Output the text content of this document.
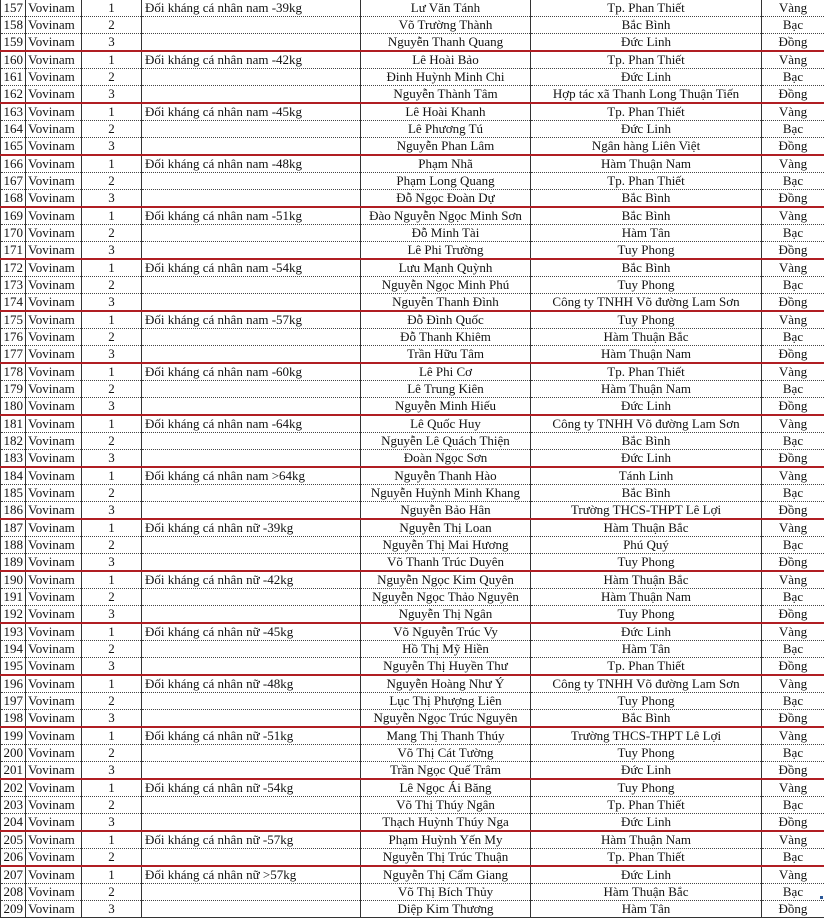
157	Vovinam	1	Đối kháng cá nhân nam -39kg	Lư Văn Tánh	Tp. Phan Thiết	Vàng
158	Vovinam	2		Võ Trường Thành	Bắc Bình	Bạc
159	Vovinam	3		Nguyễn Thanh Quang	Đức Linh	Đồng
160	Vovinam	1	Đối kháng cá nhân nam -42kg	Lê Hoài Bảo	Tp. Phan Thiết	Vàng
161	Vovinam	2		Đinh Huỳnh Minh Chi	Đức Linh	Bạc
162	Vovinam	3		Nguyễn Thành Tâm	Hợp tác xã Thanh Long Thuận Tiến	Đồng
163	Vovinam	1	Đối kháng cá nhân nam -45kg	Lê Hoài Khanh	Tp. Phan Thiết	Vàng
164	Vovinam	2		Lê Phương Tú	Đức Linh	Bạc
165	Vovinam	3		Nguyễn Phan Lâm	Ngân hàng Liên Việt	Đồng
166	Vovinam	1	Đối kháng cá nhân nam -48kg	Phạm Nhã	Hàm Thuận Nam	Vàng
167	Vovinam	2		Phạm Long Quang	Tp. Phan Thiết	Bạc
168	Vovinam	3		Đỗ Ngọc Đoàn Dự	Bắc Bình	Đồng
169	Vovinam	1	Đối kháng cá nhân nam -51kg	Đào Nguyễn Ngọc Minh Sơn	Bắc Bình	Vàng
170	Vovinam	2		Đỗ Minh Tài	Hàm Tân	Bạc
171	Vovinam	3		Lê Phi Trường	Tuy Phong	Đồng
172	Vovinam	1	Đối kháng cá nhân nam -54kg	Lưu Mạnh Quỳnh	Bắc Bình	Vàng
173	Vovinam	2		Nguyễn Ngọc Minh Phú	Tuy Phong	Bạc
174	Vovinam	3		Nguyễn Thanh Đình	Công ty TNHH Võ đường Lam Sơn	Đồng
175	Vovinam	1	Đối kháng cá nhân nam -57kg	Đỗ Đình Quốc	Tuy Phong	Vàng
176	Vovinam	2		Đỗ Thanh Khiêm	Hàm Thuận Bắc	Bạc
177	Vovinam	3		Trần Hữu Tâm	Hàm Thuận Nam	Đồng
178	Vovinam	1	Đối kháng cá nhân nam -60kg	Lê Phi Cơ	Tp. Phan Thiết	Vàng
179	Vovinam	2		Lê Trung Kiên	Hàm Thuận Nam	Bạc
180	Vovinam	3		Nguyễn Minh Hiếu	Đức Linh	Đồng
181	Vovinam	1	Đối kháng cá nhân nam -64kg	Lê Quốc Huy	Công ty TNHH Võ đường Lam Sơn	Vàng
182	Vovinam	2		Nguyễn Lê Quách Thiện	Bắc Bình	Bạc
183	Vovinam	3		Đoàn Ngọc Sơn	Đức Linh	Đồng
184	Vovinam	1	Đối kháng cá nhân nam >64kg	Nguyễn Thanh Hào	Tánh Linh	Vàng
185	Vovinam	2		Nguyễn Huỳnh Minh Khang	Bắc Bình	Bạc
186	Vovinam	3		Nguyễn Bảo Hân	Trường THCS-THPT Lê Lợi	Đồng
187	Vovinam	1	Đối kháng cá nhân nữ -39kg	Nguyễn Thị Loan	Hàm Thuận Bắc	Vàng
188	Vovinam	2		Nguyễn Thị Mai Hương	Phú Quý	Bạc
189	Vovinam	3		Võ Thanh Trúc Duyên	Tuy Phong	Đồng
190	Vovinam	1	Đối kháng cá nhân nữ -42kg	Nguyễn Ngọc Kim Quyên	Hàm Thuận Bắc	Vàng
191	Vovinam	2		Nguyễn Ngọc Thảo Nguyên	Hàm Thuận Nam	Bạc
192	Vovinam	3		Nguyễn Thị Ngân	Tuy Phong	Đồng
193	Vovinam	1	Đối kháng cá nhân nữ -45kg	Võ Nguyễn Trúc Vy	Đức Linh	Vàng
194	Vovinam	2		Hồ Thị Mỹ Hiền	Hàm Tân	Bạc
195	Vovinam	3		Nguyễn Thị Huyền Thư	Tp. Phan Thiết	Đồng
196	Vovinam	1	Đối kháng cá nhân nữ -48kg	Nguyễn Hoàng Như Ý	Công ty TNHH Võ đường Lam Sơn	Vàng
197	Vovinam	2		Lục Thị Phượng Liên	Tuy Phong	Bạc
198	Vovinam	3		Nguyễn Ngọc Trúc Nguyên	Bắc Bình	Đồng
199	Vovinam	1	Đối kháng cá nhân nữ -51kg	Mang Thị Thanh Thúy	Trường THCS-THPT Lê Lợi	Vàng
200	Vovinam	2		Võ Thị Cát Tường	Tuy Phong	Bạc
201	Vovinam	3		Trần Ngọc Quế Trâm	Đức Linh	Đồng
202	Vovinam	1	Đối kháng cá nhân nữ -54kg	Lê Ngọc Ái Băng	Tuy Phong	Vàng
203	Vovinam	2		Võ Thị Thúy Ngân	Tp. Phan Thiết	Bạc
204	Vovinam	3		Thạch Huỳnh Thúy Nga	Đức Linh	Đồng
205	Vovinam	1	Đối kháng cá nhân nữ -57kg	Phạm Huỳnh Yến My	Hàm Thuận Nam	Vàng
206	Vovinam	2		Nguyễn Thị Trúc Thuận	Tp. Phan Thiết	Bạc
207	Vovinam	1	Đối kháng cá nhân nữ >57kg	Nguyễn Thị Cẩm Giang	Đức Linh	Vàng
208	Vovinam	2		Võ Thị Bích Thủy	Hàm Thuận Bắc	Bạc
209	Vovinam	3		Diệp Kim Thương	Hàm Tân	Đồng
